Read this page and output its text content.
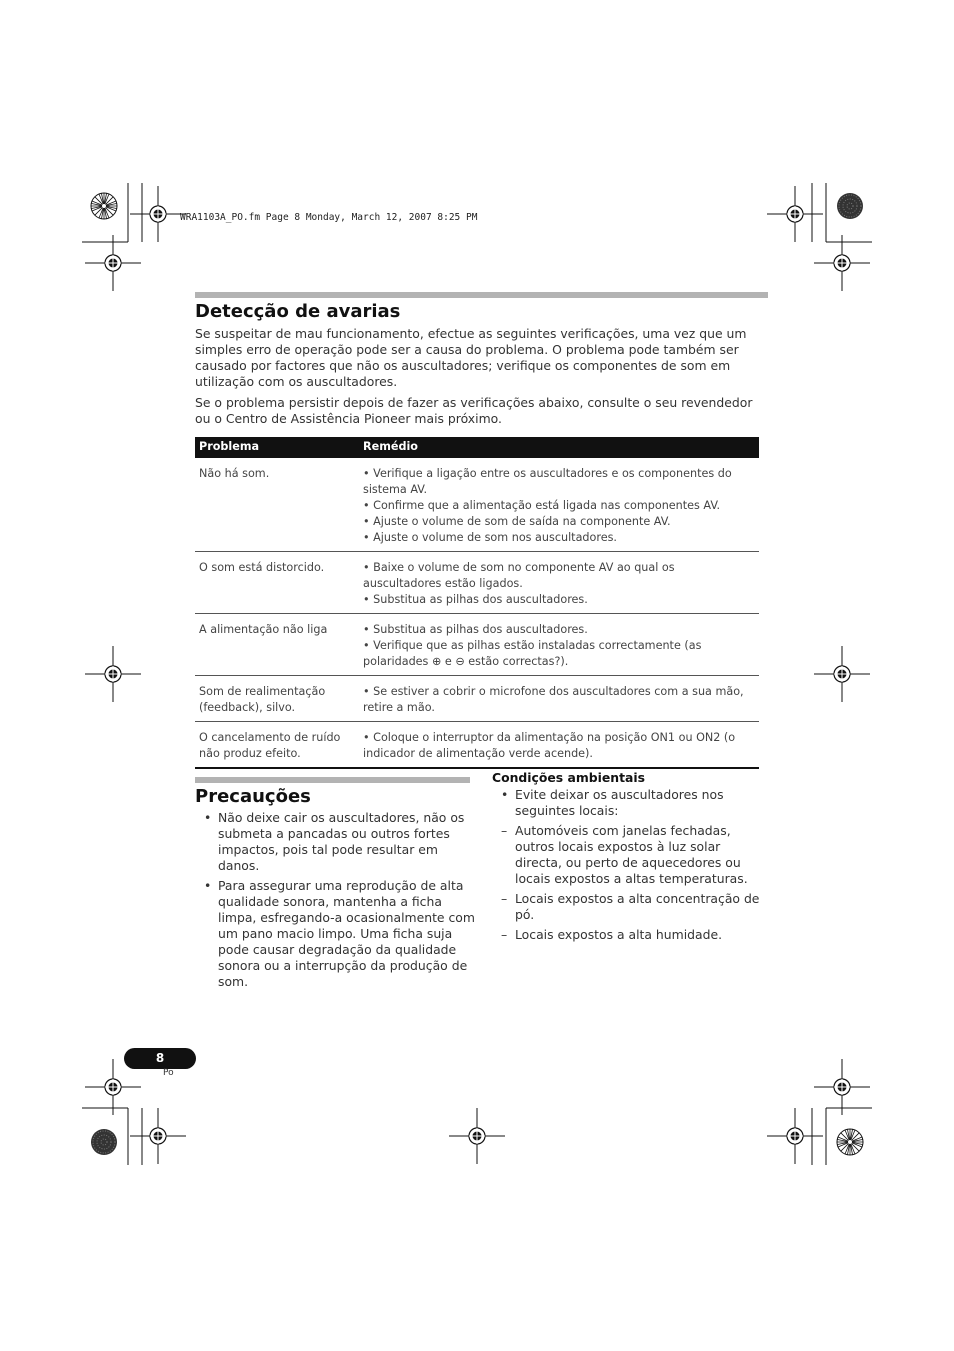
WRA1103A_PO.fm Page 8 Monday, March 12, 2007 8:25 PM
Detecção de avarias

Se suspeitar de mau funcionamento, efectue as seguintes verificações, uma vez que um simples erro de operação pode ser a causa do problema. O problema pode também ser causado por factores que não os auscultadores; verifique os componentes de som em utilização com os auscultadores.

Se o problema persistir depois de fazer as verificações abaixo, consulte o seu revendedor ou o Centro de Assistência Pioneer mais próximo.

Problema	Remédio
Não há som.	• Verifique a ligação entre os auscultadores e os componentes do sistema AV.
• Confirme que a alimentação está ligada nas componentes AV.
• Ajuste o volume de som de saída na componente AV.
• Ajuste o volume de som nos auscultadores.

O som está distorcido.	• Baixe o volume de som no componente AV ao qual os auscultadores estão ligados.
• Substitua as pilhas dos auscultadores.

A alimentação não liga	• Substitua as pilhas dos auscultadores.
• Verifique que as pilhas estão instaladas correctamente (as polaridades ⊕ e ⊖ estão correctas?).

Som de realimentação (feedback), silvo.	• Se estiver a cobrir o microfone dos auscultadores com a sua mão, retire a mão.

O cancelamento de ruído não produz efeito.	• Coloque o interruptor da alimentação na posição ON1 ou ON2 (o indicador de alimentação verde acende).
Precauções
• Não deixe cair os auscultadores, não os submeta a pancadas ou outros fortes impactos, pois tal pode resultar em danos.
• Para assegurar uma reprodução de alta qualidade sonora, mantenha a ficha limpa, esfregando-a ocasionalmente com um pano macio limpo. Uma ficha suja pode causar degradação da qualidade sonora ou a interrupção da produção de som.
Condições ambientais
• Evite deixar os auscultadores nos seguintes locais:
– Automóveis com janelas fechadas, outros locais expostos à luz solar directa, ou perto de aquecedores ou locais expostos a altas temperaturas.
– Locais expostos a alta concentração de pó.
– Locais expostos a alta humidade.
8
Po
